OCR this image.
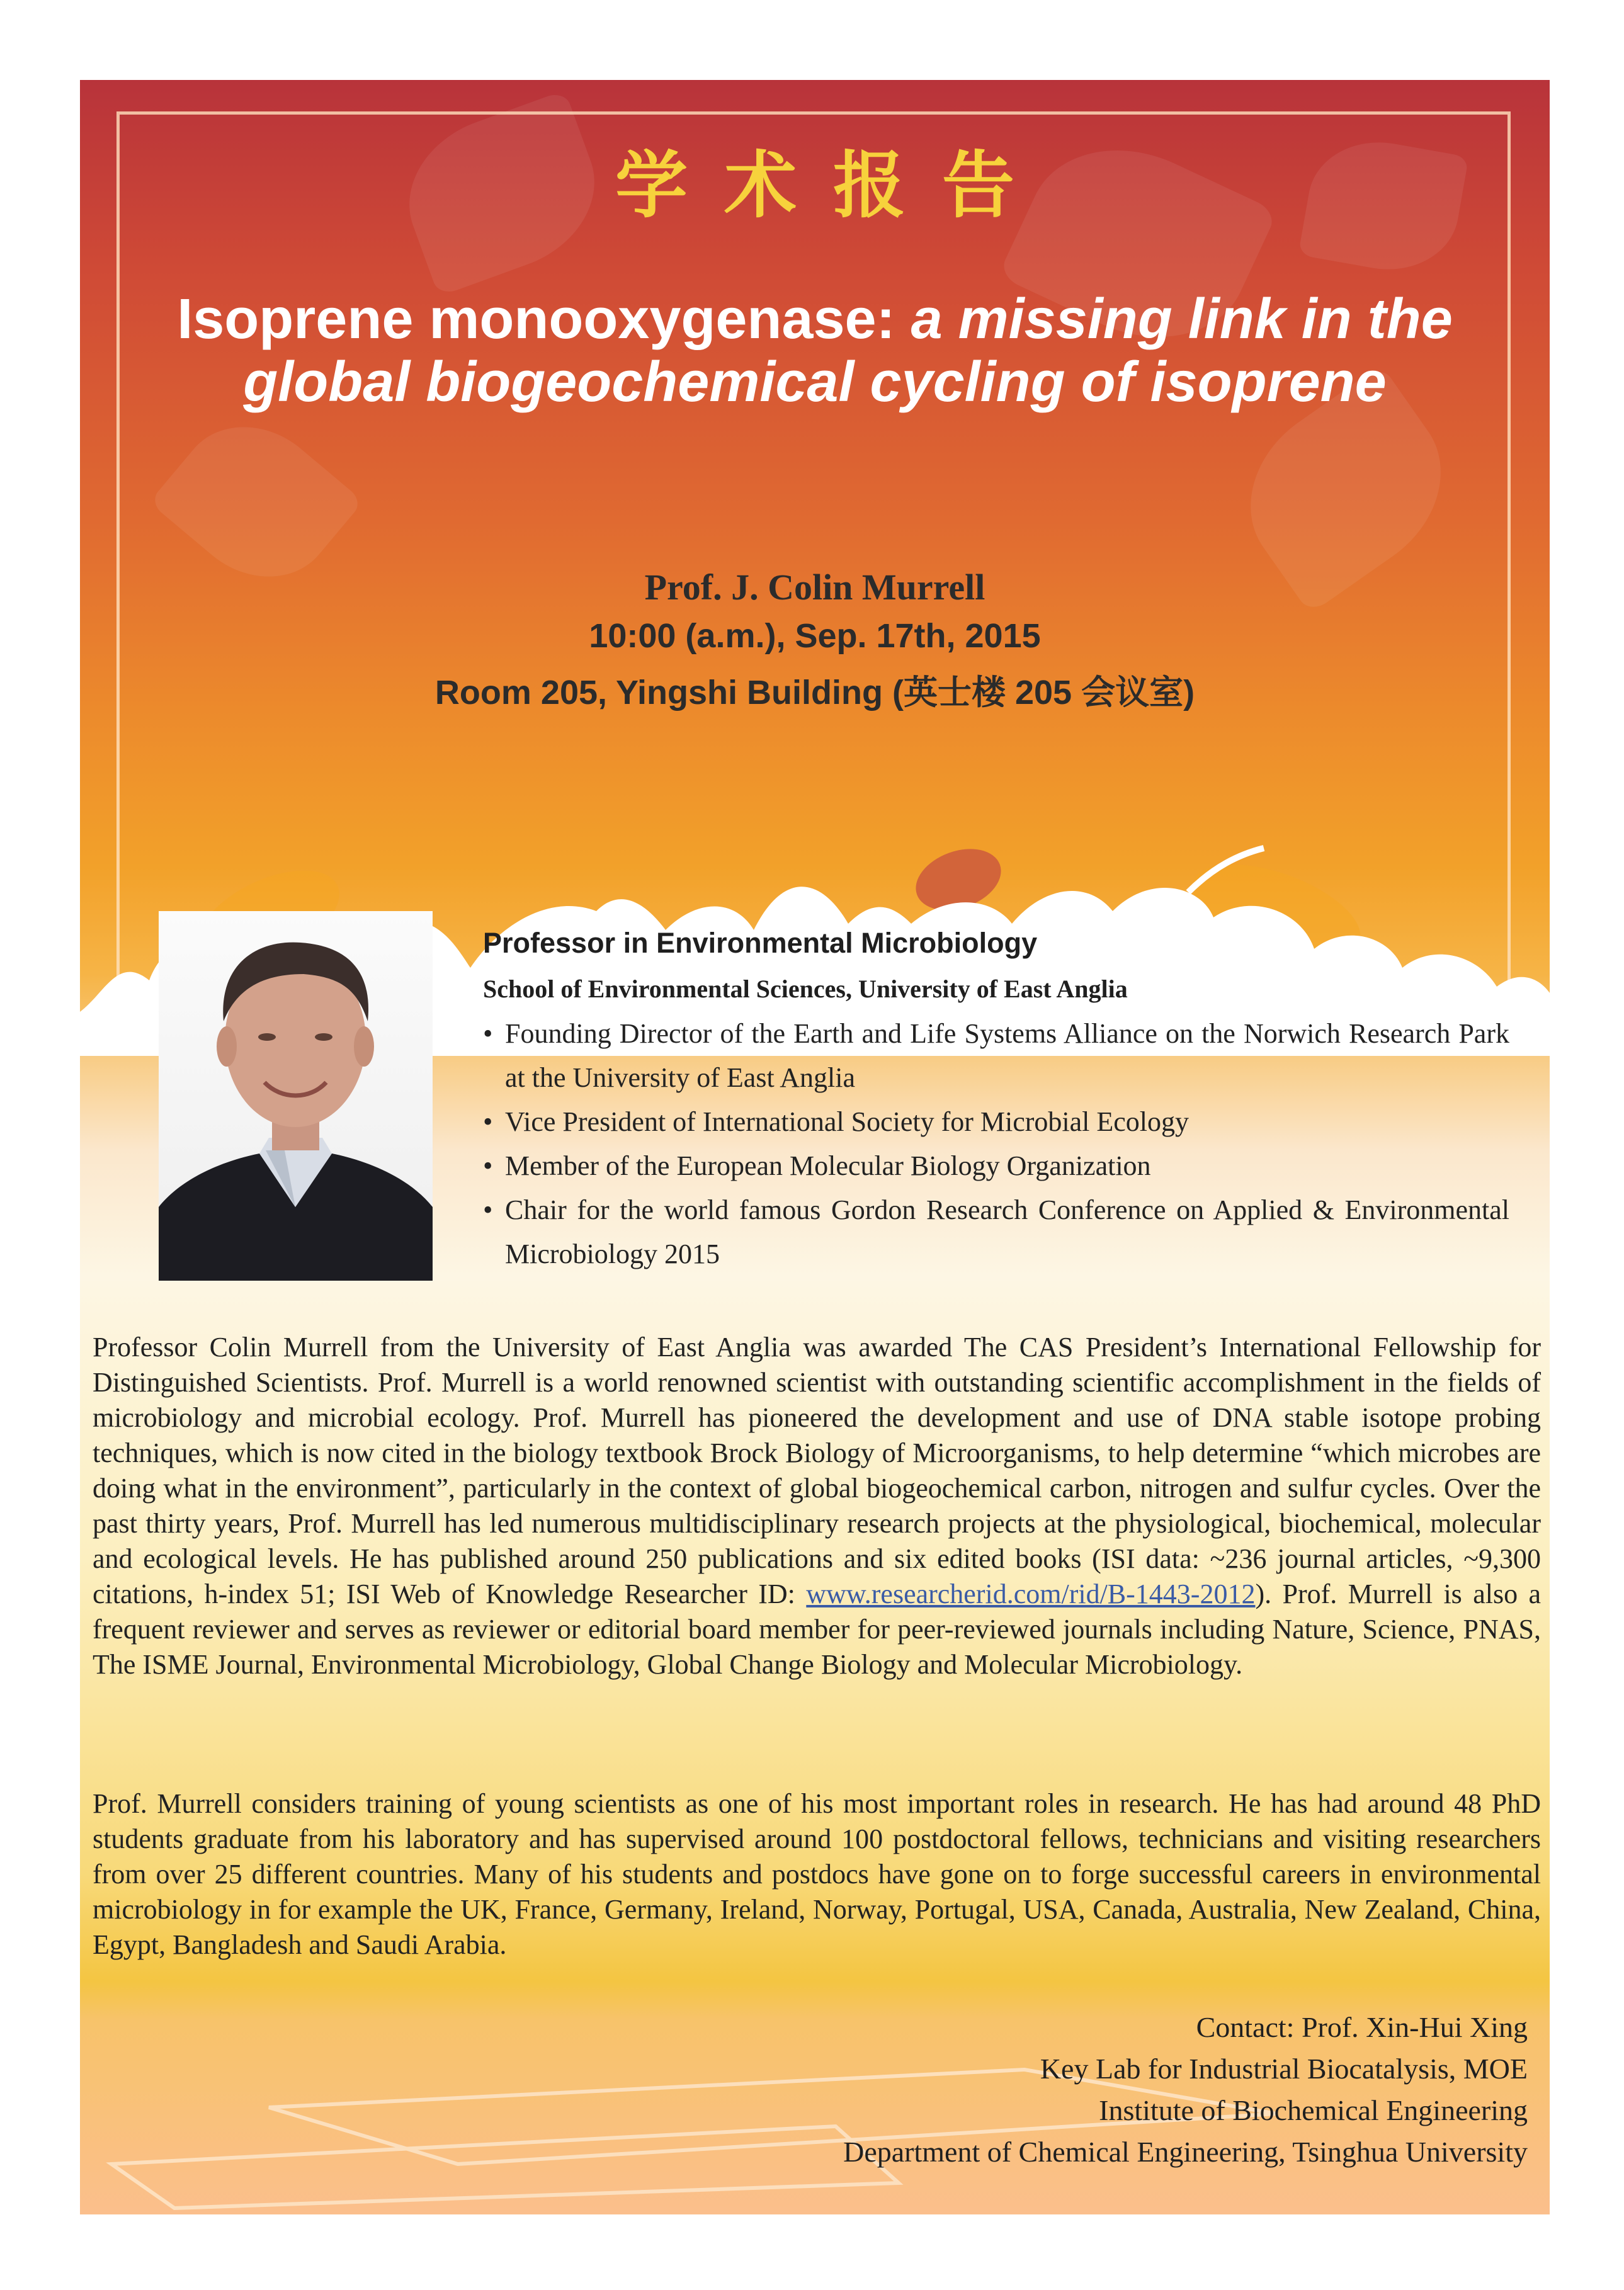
学术报告
Isoprene monooxygenase: a missing link in the global biogeochemical cycling of isoprene
Prof. J. Colin Murrell
10:00 (a.m.), Sep. 17th, 2015
Room 205, Yingshi Building (英士楼 205 会议室)
Professor in Environmental Microbiology
School of Environmental Sciences, University of East Anglia
• Founding Director of the Earth and Life Systems Alliance on the Norwich Research Park at the University of East Anglia
• Vice President of International Society for Microbial Ecology
• Member of the European Molecular Biology Organization
• Chair for the world famous Gordon Research Conference on Applied & Environmental Microbiology 2015

Professor Colin Murrell from the University of East Anglia was awarded The CAS President’s International Fellowship for Distinguished Scientists. Prof. Murrell is a world renowned scientist with outstanding scientific accomplishment in the fields of microbiology and microbial ecology. Prof. Murrell has pioneered the development and use of DNA stable isotope probing techniques, which is now cited in the biology textbook Brock Biology of Microorganisms, to help determine “which microbes are doing what in the environment”, particularly in the context of global biogeochemical carbon, nitrogen and sulfur cycles. Over the past thirty years, Prof. Murrell has led numerous multidisciplinary research projects at the physiological, biochemical, molecular and ecological levels. He has published around 250 publications and six edited books (ISI data: ~236 journal articles, ~9,300 citations, h-index 51; ISI Web of Knowledge Researcher ID: www.researcherid.com/rid/B-1443-2012). Prof. Murrell is also a frequent reviewer and serves as reviewer or editorial board member for peer-reviewed journals including Nature, Science, PNAS, The ISME Journal, Environmental Microbiology, Global Change Biology and Molecular Microbiology.

Prof. Murrell considers training of young scientists as one of his most important roles in research. He has had around 48 PhD students graduate from his laboratory and has supervised around 100 postdoctoral fellows, technicians and visiting researchers from over 25 different countries. Many of his students and postdocs have gone on to forge successful careers in environmental microbiology in for example the UK, France, Germany, Ireland, Norway, Portugal, USA, Canada, Australia, New Zealand, China, Egypt, Bangladesh and Saudi Arabia.

Contact: Prof. Xin-Hui Xing
Key Lab for Industrial Biocatalysis, MOE
Institute of Biochemical Engineering
Department of Chemical Engineering, Tsinghua University
